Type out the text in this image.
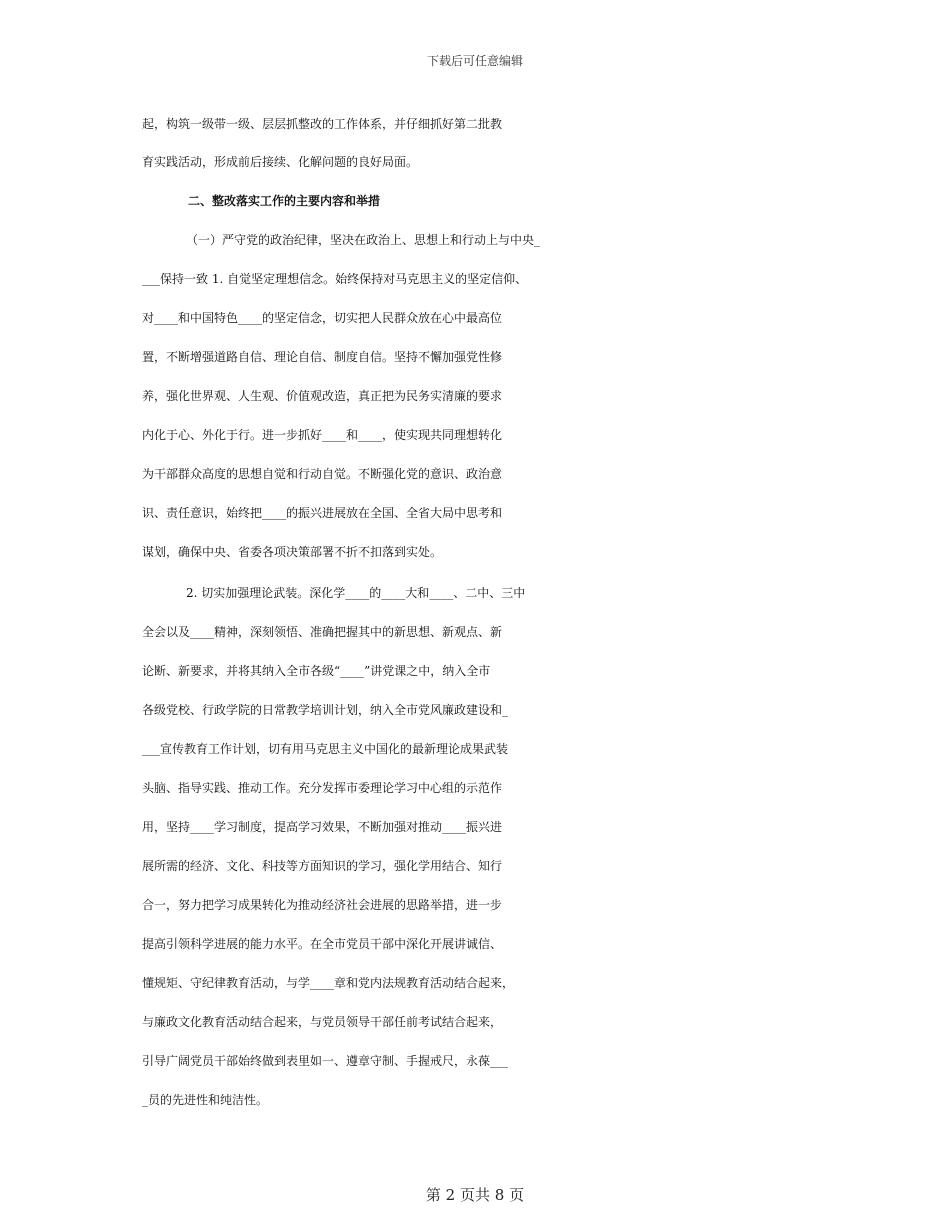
下载后可任意编辑
起，构筑一级带一级、层层抓整改的工作体系，并仔细抓好第二批教
育实践活动，形成前后接续、化解问题的良好局面。
二、整改落实工作的主要内容和举措
（一）严守党的政治纪律，坚决在政治上、思想上和行动上与中央_
___保持一致 1. 自觉坚定理想信念。始终保持对马克思主义的坚定信仰、
对____和中国特色____的坚定信念，切实把人民群众放在心中最高位
置，不断增强道路自信、理论自信、制度自信。坚持不懈加强党性修
养，强化世界观、人生观、价值观改造，真正把为民务实清廉的要求
内化于心、外化于行。进一步抓好____和____，使实现共同理想转化
为干部群众高度的思想自觉和行动自觉。不断强化党的意识、政治意
识、责任意识，始终把____的振兴进展放在全国、全省大局中思考和
谋划，确保中央、省委各项决策部署不折不扣落到实处。
2. 切实加强理论武装。深化学____的____大和____、二中、三中
全会以及____精神，深刻领悟、准确把握其中的新思想、新观点、新
论断、新要求，并将其纳入全市各级“____”讲党课之中，纳入全市
各级党校、行政学院的日常教学培训计划，纳入全市党风廉政建设和_
___宣传教育工作计划，切有用马克思主义中国化的最新理论成果武装
头脑、指导实践、推动工作。充分发挥市委理论学习中心组的示范作
用，坚持____学习制度，提高学习效果，不断加强对推动____振兴进
展所需的经济、文化、科技等方面知识的学习，强化学用结合、知行
合一，努力把学习成果转化为推动经济社会进展的思路举措，进一步
提高引领科学进展的能力水平。在全市党员干部中深化开展讲诚信、
懂规矩、守纪律教育活动，与学____章和党内法规教育活动结合起来，
与廉政文化教育活动结合起来，与党员领导干部任前考试结合起来，
引导广阔党员干部始终做到表里如一、遵章守制、手握戒尺，永葆___
_员的先进性和纯洁性。
第 2 页共 8 页
